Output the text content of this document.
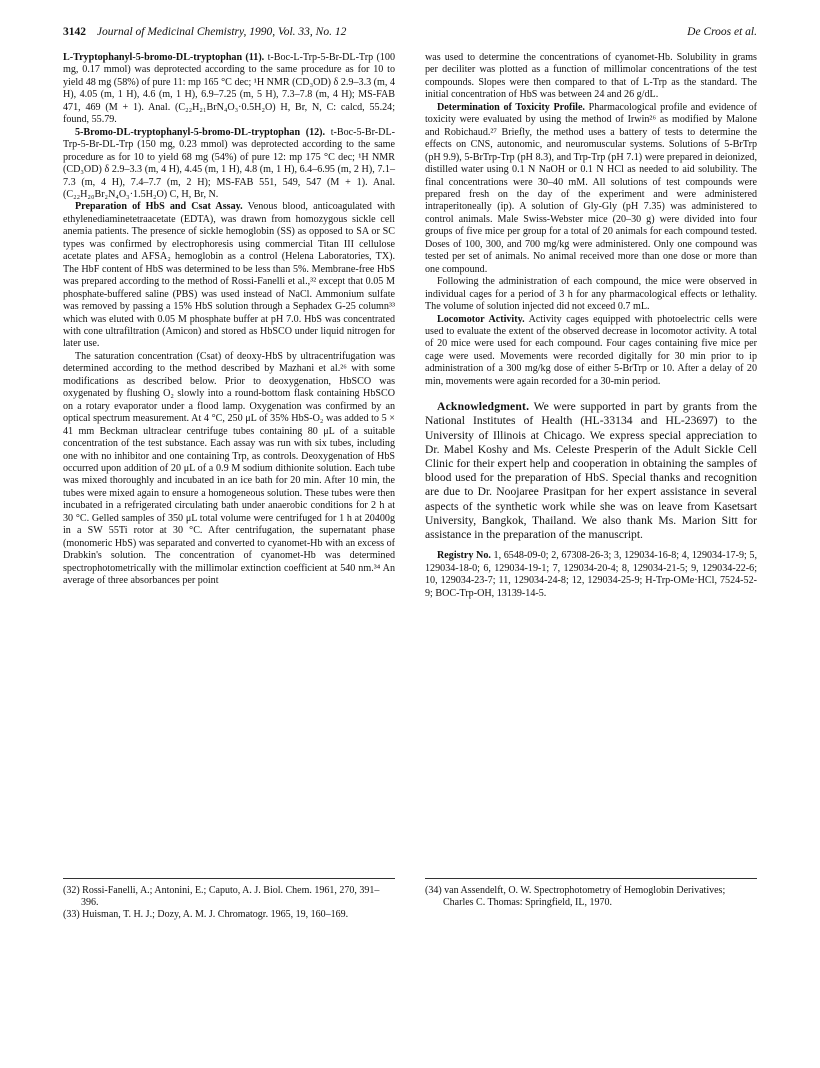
3142 Journal of Medicinal Chemistry, 1990, Vol. 33, No. 12	De Croos et al.

L-Tryptophanyl-5-bromo-DL-tryptophan (11). t-Boc-L-Trp-5-Br-DL-Trp (100 mg, 0.17 mmol) was deprotected according to the same procedure as for 10 to yield 48 mg (58%) of pure 11: mp 165 °C dec; ¹H NMR (CD₃OD) δ 2.9–3.3 (m, 4 H), 4.05 (m, 1 H), 4.6 (m, 1 H), 6.9–7.25 (m, 5 H), 7.3–7.8 (m, 4 H); MS-FAB 471, 469 (M + 1). Anal. (C₂₂H₂₁BrN₄O₃·0.5H₂O) H, Br, N, C: calcd, 55.24; found, 55.79.

5-Bromo-DL-tryptophanyl-5-bromo-DL-tryptophan (12). t-Boc-5-Br-DL-Trp-5-Br-DL-Trp (150 mg, 0.23 mmol) was deprotected according to the same procedure as for 10 to yield 68 mg (54%) of pure 12: mp 175 °C dec; ¹H NMR (CD₃OD) δ 2.9–3.3 (m, 4 H), 4.45 (m, 1 H), 4.8 (m, 1 H), 6.4–6.95 (m, 2 H), 7.1–7.3 (m, 4 H), 7.4–7.7 (m, 2 H); MS-FAB 551, 549, 547 (M + 1). Anal. (C₂₂H₂₀Br₂N₄O₃·1.5H₂O) C, H, Br, N.

Preparation of HbS and Csat Assay. Venous blood, anticoagulated with ethylenediaminetetraacetate (EDTA), was drawn from homozygous sickle cell anemia patients. The presence of sickle hemoglobin (SS) as opposed to SA or SC types was confirmed by electrophoresis using commercial Titan III cellulose acetate plates and AFSA₂ hemoglobin as a control (Helena Laboratories, TX). The HbF content of HbS was determined to be less than 5%. Membrane-free HbS was prepared according to the method of Rossi-Fanelli et al.,³² except that 0.05 M phosphate-buffered saline (PBS) was used instead of NaCl. Ammonium sulfate was removed by passing a 15% HbS solution through a Sephadex G-25 column³³ which was eluted with 0.05 M phosphate buffer at pH 7.0. HbS was concentrated with cone ultrafiltration (Amicon) and stored as HbSCO under liquid nitrogen for later use.

The saturation concentration (Csat) of deoxy-HbS by ultracentrifugation was determined according to the method described by Mazhani et al.²⁶ with some modifications as described below. Prior to deoxygenation, HbSCO was oxygenated by flushing O₂ slowly into a round-bottom flask containing HbSCO on a rotary evaporator under a flood lamp. Oxygenation was confirmed by an optical spectrum measurement. At 4 °C, 250 μL of 35% HbS-O₂ was added to 5 × 41 mm Beckman ultraclear centrifuge tubes containing 80 μL of a suitable concentration of the test substance. Each assay was run with six tubes, including one with no inhibitor and one containing Trp, as controls. Deoxygenation of HbS occurred upon addition of 20 μL of a 0.9 M sodium dithionite solution. Each tube was mixed thoroughly and incubated in an ice bath for 20 min. After 10 min, the tubes were mixed again to ensure a homogeneous solution. These tubes were then incubated in a refrigerated circulating bath under anaerobic conditions for 2 h at 30 °C. Gelled samples of 350 μL total volume were centrifuged for 1 h at 20400g in a SW 55Ti rotor at 30 °C. After centrifugation, the supernatant phase (monomeric HbS) was separated and converted to cyanomet-Hb with an excess of Drabkin's solution. The concentration of cyanomet-Hb was determined spectrophotometrically with the millimolar extinction coefficient at 540 nm.³⁴ An average of three absorbances per point

was used to determine the concentrations of cyanomet-Hb. Solubility in grams per deciliter was plotted as a function of millimolar concentrations of the test compounds. Slopes were then compared to that of L-Trp as the standard. The initial concentration of HbS was between 24 and 26 g/dL.

Determination of Toxicity Profile. Pharmacological profile and evidence of toxicity were evaluated by using the method of Irwin²⁶ as modified by Malone and Robichaud.²⁷ Briefly, the method uses a battery of tests to determine the effects on CNS, autonomic, and neuromuscular systems. Solutions of 5-BrTrp (pH 9.9), 5-BrTrp-Trp (pH 8.3), and Trp-Trp (pH 7.1) were prepared in deionized, distilled water using 0.1 N NaOH or 0.1 N HCl as needed to aid solubility. The final concentrations were 30–40 mM. All solutions of test compounds were prepared fresh on the day of the experiment and were administered intraperitoneally (ip). A solution of Gly-Gly (pH 7.35) was administered to control animals. Male Swiss-Webster mice (20–30 g) were divided into four groups of five mice per group for a total of 20 animals for each compound tested. Doses of 100, 300, and 700 mg/kg were administered. Only one compound was tested per set of animals. No animal received more than one dose or more than one compound.

Following the administration of each compound, the mice were observed in individual cages for a period of 3 h for any pharmacological effects or lethality. The volume of solution injected did not exceed 0.7 mL.

Locomotor Activity. Activity cages equipped with photoelectric cells were used to evaluate the extent of the observed decrease in locomotor activity. A total of 20 mice were used for each compound. Four cages containing five mice per cage were used. Movements were recorded digitally for 30 min prior to ip administration of a 300 mg/kg dose of either 5-BrTrp or 10. After a delay of 20 min, movements were again recorded for a 30-min period.

Acknowledgment. We were supported in part by grants from the National Institutes of Health (HL-33134 and HL-23697) to the University of Illinois at Chicago. We express special appreciation to Dr. Mabel Koshy and Ms. Celeste Presperin of the Adult Sickle Cell Clinic for their expert help and cooperation in obtaining the samples of blood used for the preparation of HbS. Special thanks and recognition are due to Dr. Noojaree Prasitpan for her expert assistance in several aspects of the synthetic work while she was on leave from Kasetsart University, Bangkok, Thailand. We also thank Ms. Marion Sitt for assistance in the preparation of the manuscript.

Registry No. 1, 6548-09-0; 2, 67308-26-3; 3, 129034-16-8; 4, 129034-17-9; 5, 129034-18-0; 6, 129034-19-1; 7, 129034-20-4; 8, 129034-21-5; 9, 129034-22-6; 10, 129034-23-7; 11, 129034-24-8; 12, 129034-25-9; H-Trp-OMe·HCl, 7524-52-9; BOC-Trp-OH, 13139-14-5.

(32) Rossi-Fanelli, A.; Antonini, E.; Caputo, A. J. Biol. Chem. 1961, 270, 391–396.

(33) Huisman, T. H. J.; Dozy, A. M. J. Chromatogr. 1965, 19, 160–169.

(34) van Assendelft, O. W. Spectrophotometry of Hemoglobin Derivatives; Charles C. Thomas: Springfield, IL, 1970.
